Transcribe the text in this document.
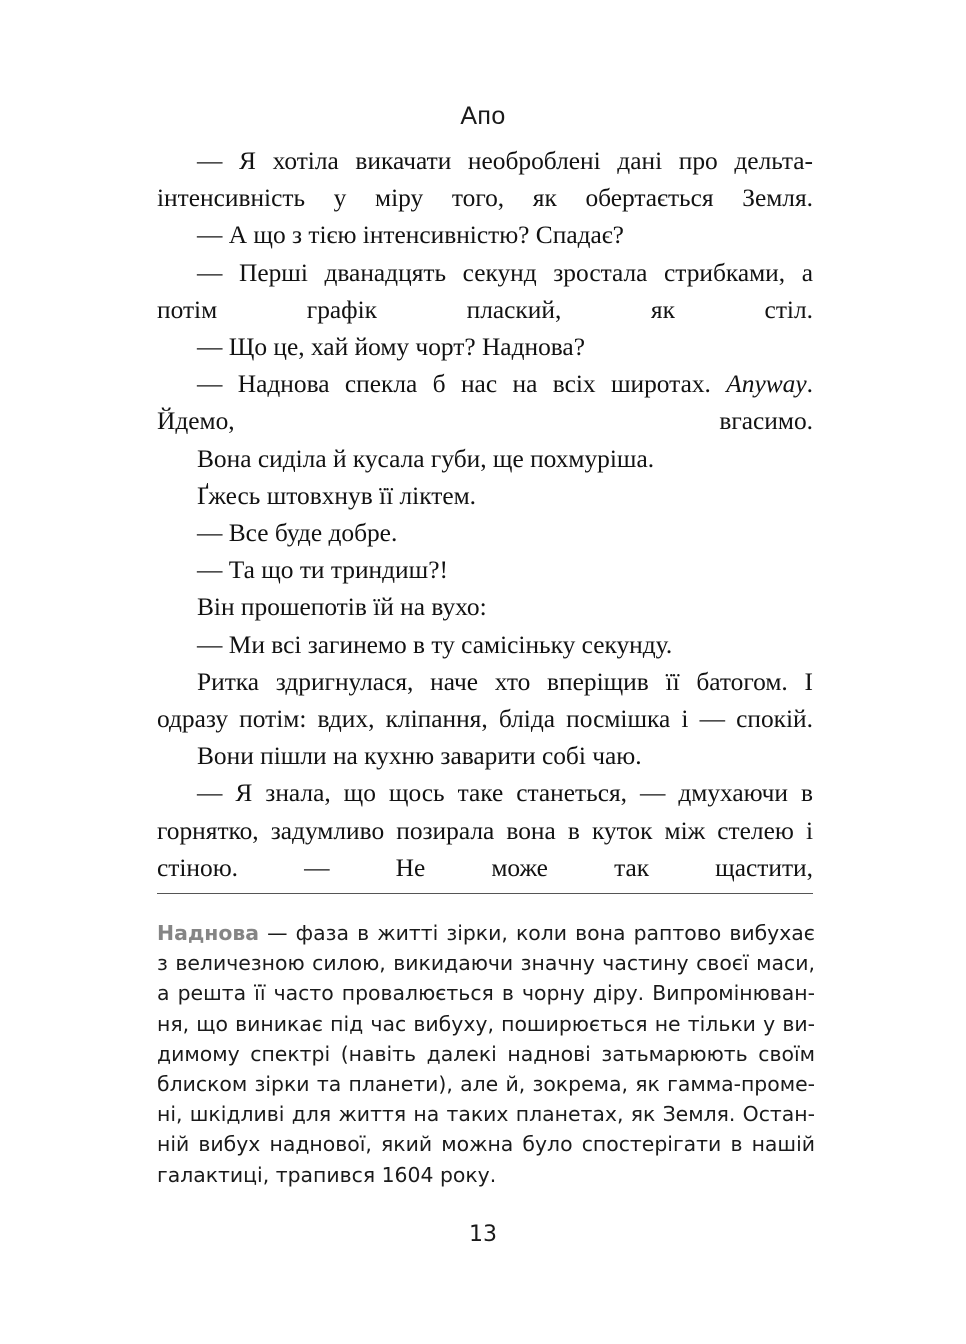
Апо

— Я хотіла викачати необроблені дані про дельта-інтенсивність у міру того, як обертається Земля.

— А що з тією інтенсивністю? Спадає?

— Перші дванадцять секунд зростала стрибками, а потім графік плаский, як стіл.

— Що це, хай йому чорт? Наднова?

— Наднова спекла б нас на всіх широтах. Anyway. Йдемо, вгасимо.

Вона сиділа й кусала губи, ще похмуріша.

Ґжесь штовхнув її ліктем.

— Все буде добре.

— Та що ти триндиш?!

Він прошепотів їй на вухо:

— Ми всі загинемо в ту самісіньку секунду.

Ритка здригнулася, наче хто вперіщив її батогом. І одразу потім: вдих, кліпання, бліда посмішка і — спокій.

Вони пішли на кухню заварити собі чаю.

— Я знала, що щось таке станеться, — дмухаючи в горнятко, задумливо позирала вона в куток між стелею і стіною. — Не може так щастити,

Наднова — фаза в житті зірки, коли вона раптово вибухає з величезною силою, викидаючи значну частину своєї маси, а решта її часто провалюється в чорну діру. Випромінювання, що виникає під час вибуху, поширюється не тільки у видимому спектрі (навіть далекі наднові затьмарюють своїм блиском зірки та планети), але й, зокрема, як гамма-промені, шкідливі для життя на таких планетах, як Земля. Останній вибух наднової, який можна було спостерігати в нашій галактиці, трапився 1604 року.

13
